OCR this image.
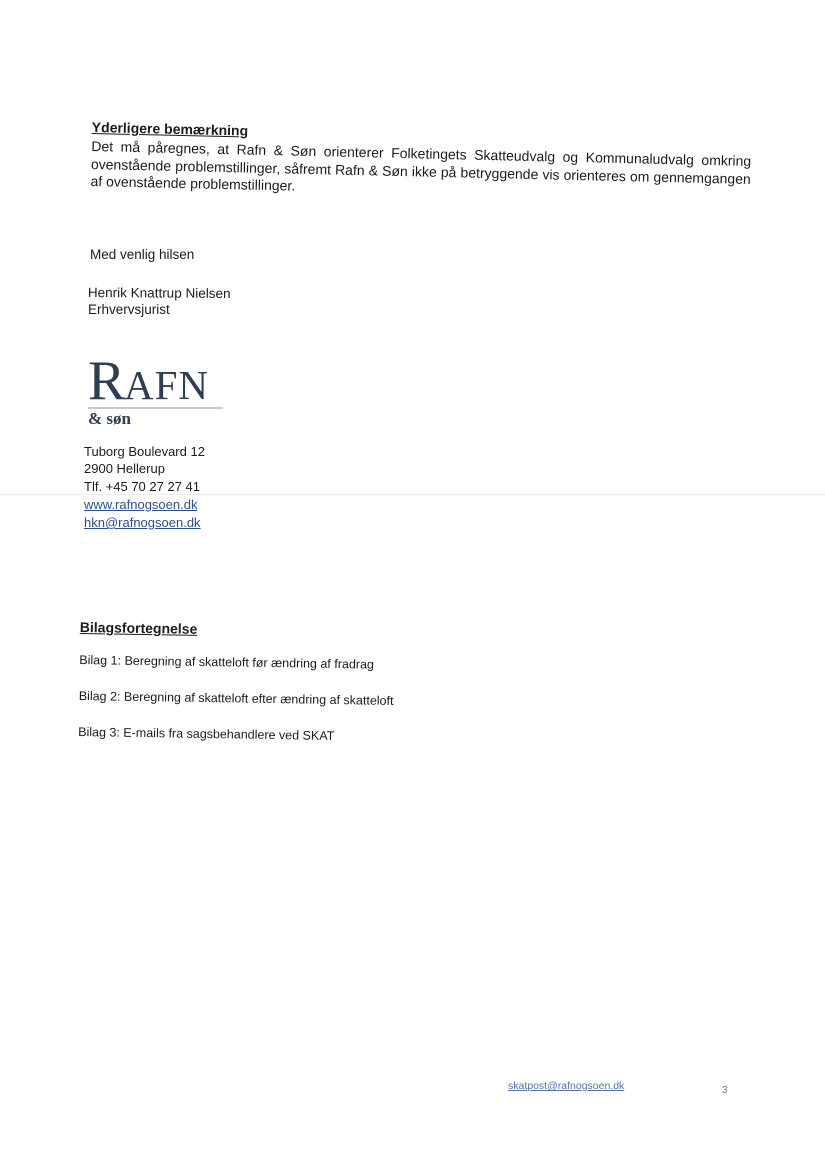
Yderligere bemærkning

Det må påregnes, at Rafn & Søn orienterer Folketingets Skatteudvalg og Kommunaludvalg omkring ovenstående problemstillinger, såfremt Rafn & Søn ikke på betryggende vis orienteres om gennemgangen af ovenstående problemstillinger.

Med venlig hilsen
Henrik Knattrup Nielsen
Erhvervsjurist
R
AFN
& søn
Tuborg Boulevard 12
2900 Hellerup
Tlf. +45 70 27 27 41
www.rafnogsoen.dk
hkn@rafnogsoen.dk
Bilagsfortegnelse
Bilag 1: Beregning af skatteloft før ændring af fradrag
Bilag 2: Beregning af skatteloft efter ændring af skatteloft
Bilag 3: E-mails fra sagsbehandlere ved SKAT
skatpost@rafnogsoen.dk	3
